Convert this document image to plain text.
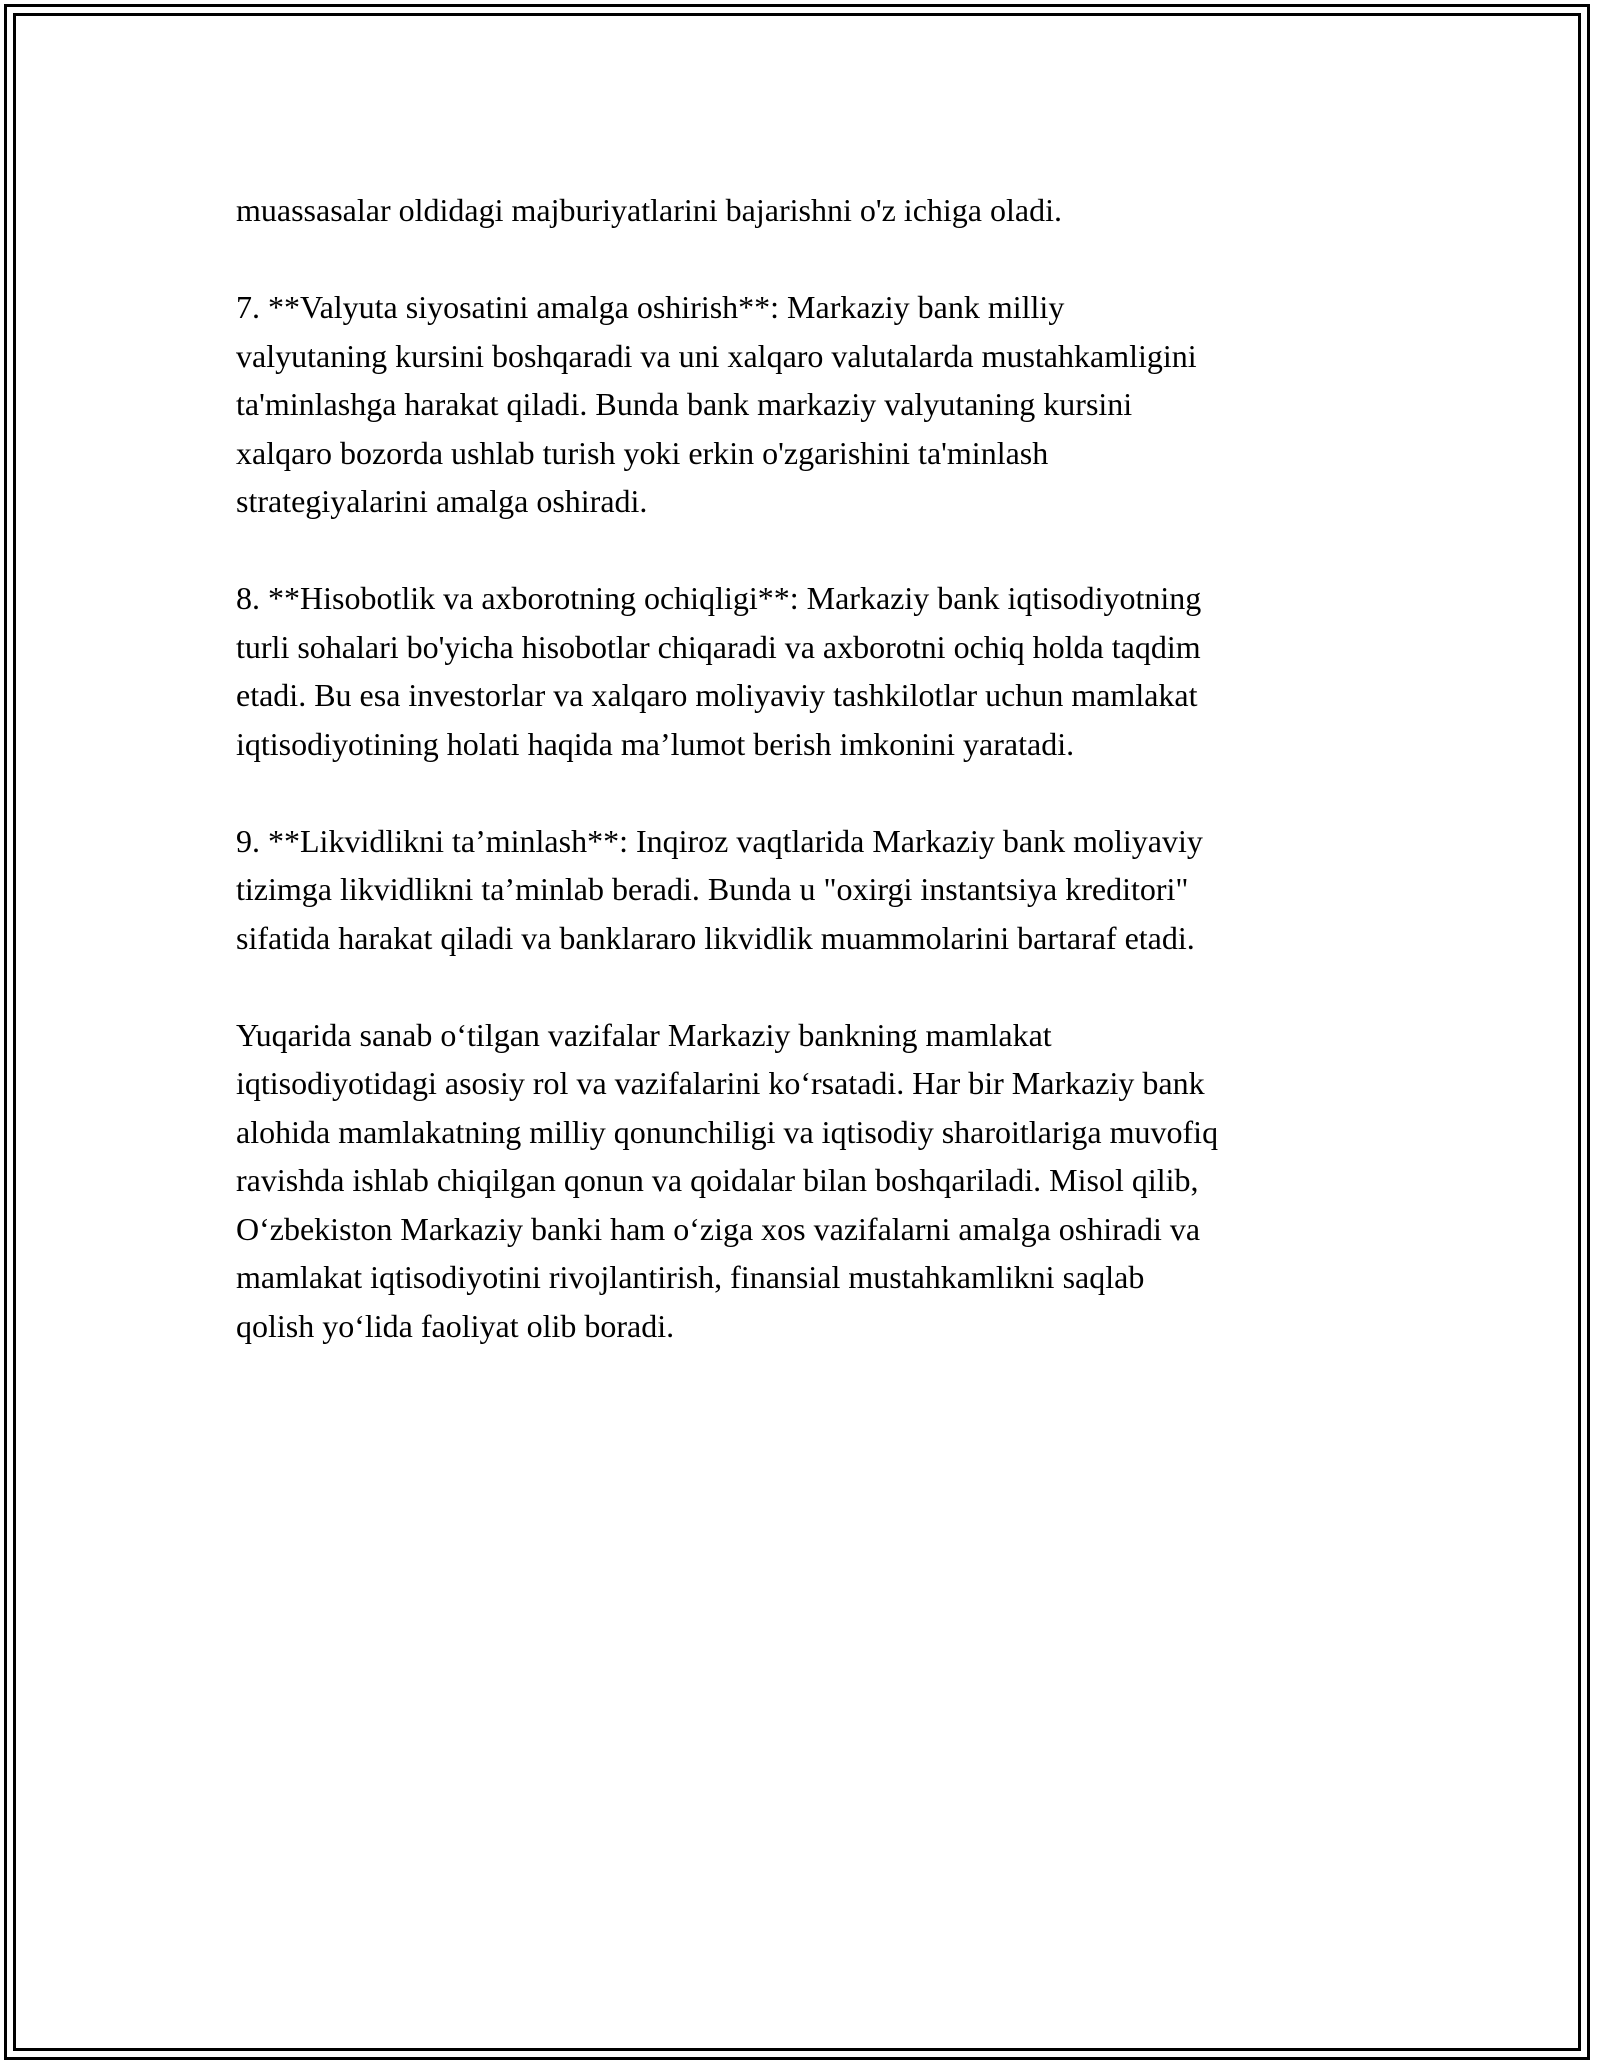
muassasalar oldidagi majburiyatlarini bajarishni o'z ichiga oladi.

7. **Valyuta siyosatini amalga oshirish**: Markaziy bank milliy
valyutaning kursini boshqaradi va uni xalqaro valutalarda mustahkamligini
ta'minlashga harakat qiladi. Bunda bank markaziy valyutaning kursini
xalqaro bozorda ushlab turish yoki erkin o'zgarishini ta'minlash
strategiyalarini amalga oshiradi.

8. **Hisobotlik va axborotning ochiqligi**: Markaziy bank iqtisodiyotning
turli sohalari bo'yicha hisobotlar chiqaradi va axborotni ochiq holda taqdim
etadi. Bu esa investorlar va xalqaro moliyaviy tashkilotlar uchun mamlakat
iqtisodiyotining holati haqida ma’lumot berish imkonini yaratadi.

9. **Likvidlikni ta’minlash**: Inqiroz vaqtlarida Markaziy bank moliyaviy
tizimga likvidlikni ta’minlab beradi. Bunda u "oxirgi instantsiya kreditori"
sifatida harakat qiladi va banklararo likvidlik muammolarini bartaraf etadi.

Yuqarida sanab o‘tilgan vazifalar Markaziy bankning mamlakat
iqtisodiyotidagi asosiy rol va vazifalarini ko‘rsatadi. Har bir Markaziy bank
alohida mamlakatning milliy qonunchiligi va iqtisodiy sharoitlariga muvofiq
ravishda ishlab chiqilgan qonun va qoidalar bilan boshqariladi. Misol qilib,
O‘zbekiston Markaziy banki ham o‘ziga xos vazifalarni amalga oshiradi va
mamlakat iqtisodiyotini rivojlantirish, finansial mustahkamlikni saqlab
qolish yo‘lida faoliyat olib boradi.
